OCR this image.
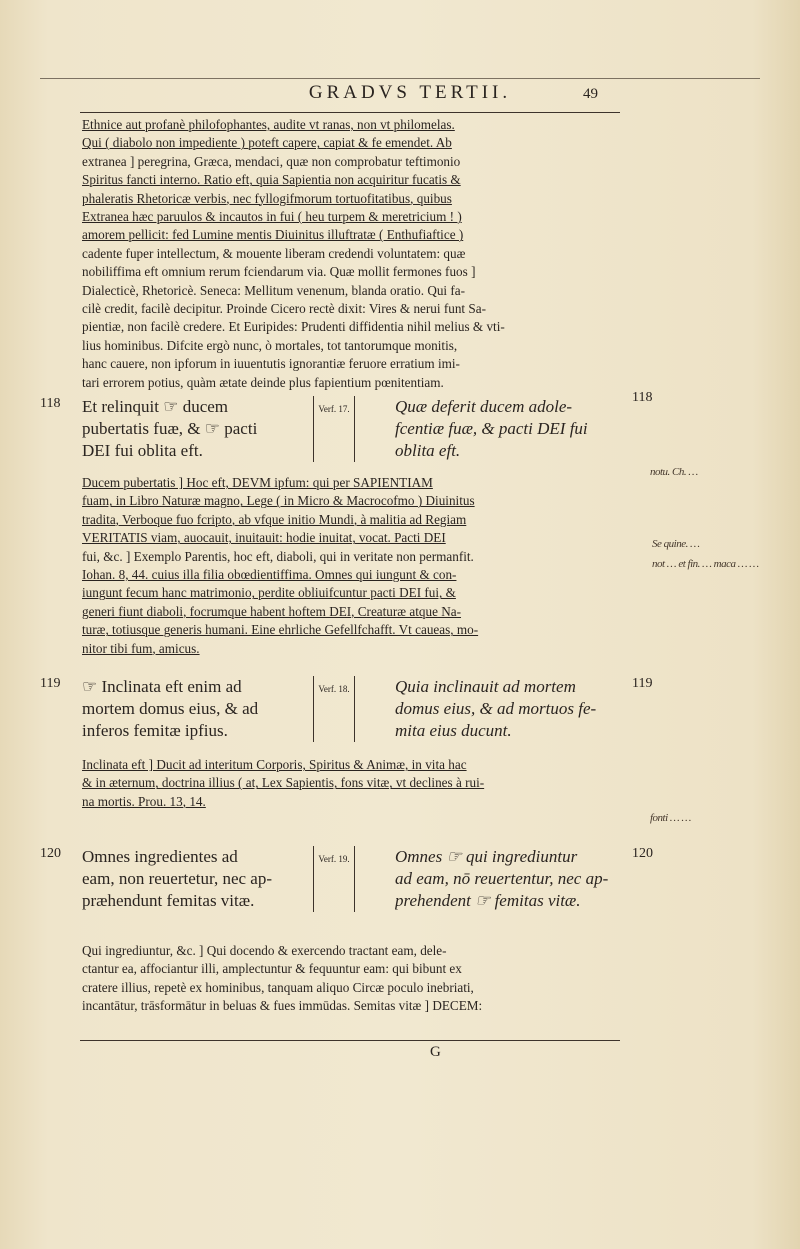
GRADVS TERTII.	49
Ethnice aut profanè philofophantes, audite vt ranas, non vt philomelas.
Qui ( diabolo non impediente ) poteft capere, capiat & fe emendet. Ab
extranea ] peregrina, Græca, mendaci, quæ non comprobatur teftimonio
Spiritus fancti interno. Ratio eft, quia Sapientia non acquiritur fucatis &
phaleratis Rhetoricæ verbis, nec fyllogifmorum tortuofitatibus, quibus
Extranea hæc paruulos & incautos in fui ( heu turpem & meretricium ! )
amorem pellicit: fed Lumine mentis Diuinitus illuftratæ ( Enthufiaftice )
cadente fuper intellectum, & mouente liberam credendi voluntatem: quæ
nobiliffima eft omnium rerum fciendarum via. Quæ mollit fermones fuos ]
Dialecticè, Rhetoricè. Seneca: Mellitum venenum, blanda oratio. Qui fa-
cilè credit, facilè decipitur. Proinde Cicero rectè dixit: Vires & nerui funt Sa-
pientiæ, non facilè credere. Et Euripides: Prudenti diffidentia nihil melius & vti-
lius hominibus. Difcite ergò nunc, ò mortales, tot tantorumque monitis,
hanc cauere, non ipforum in iuuentutis ignorantiæ feruore erratium imi-
tari errorem potius, quàm ætate deinde plus fapientium pœnitentiam.
118	118
Et relinquit ☞ ducem
pubertatis fuæ, & ☞ pacti
DEI fui oblita eft.
Verf. 17.	Quæ deferit ducem adole-
fcentiæ fuæ, & pacti DEI fui
oblita eft.
Ducem pubertatis ] Hoc eft, DEVM ipfum: qui per SAPIENTIAM
fuam, in Libro Naturæ magno, Lege ( in Micro & Macrocofmo ) Diuinitus
tradita, Verboque fuo fcripto, ab vfque initio Mundi, à malitia ad Regiam
VERITATIS viam, auocauit, inuitauit: hodie inuitat, vocat. Pacti DEI
fui, &c. ] Exemplo Parentis, hoc eft, diaboli, qui in veritate non permanfit.
Iohan. 8, 44. cuius illa filia obœdientiffima. Omnes qui iungunt & con-
iungunt fecum hanc matrimonio, perdite obliuifcuntur pacti DEI fui, &
generi fiunt diaboli, focrumque habent hoftem DEI, Creaturæ atque Na-
turæ, totiusque generis humani. Eine ehrliche Gefellfchafft. Vt caueas, mo-
nitor tibi fum, amicus.
119	119
☞ Inclinata eft enim ad
mortem domus eius, & ad
inferos femitæ ipfius.
Verf. 18.	Quia inclinauit ad mortem
domus eius, & ad mortuos fe-
mita eius ducunt.
Inclinata eft ] Ducit ad interitum Corporis, Spiritus & Animæ, in vita hac
& in æternum, doctrina illius ( at, Lex Sapientis, fons vitæ, vt declines à rui-
na mortis. Prou. 13, 14.
120	120
Omnes ingredientes ad
eam, non reuertetur, nec ap-
præhendunt femitas vitæ.
Verf. 19.	Omnes ☞ qui ingrediuntur
ad eam, nō reuertentur, nec ap-
prehendent ☞ femitas vitæ.
Qui ingrediuntur, &c. ] Qui docendo & exercendo tractant eam, dele-
ctantur ea, affociantur illi, amplectuntur & fequuntur eam: qui bibunt ex
cratere illius, repetè ex hominibus, tanquam aliquo Circæ poculo inebriati,
incantātur, trāsformātur in beluas & fues immūdas. Semitas vitæ ] DECEM:
G
notu. Ch. …
Se quine. …
not … et fin. … maca … …
fonti … …
